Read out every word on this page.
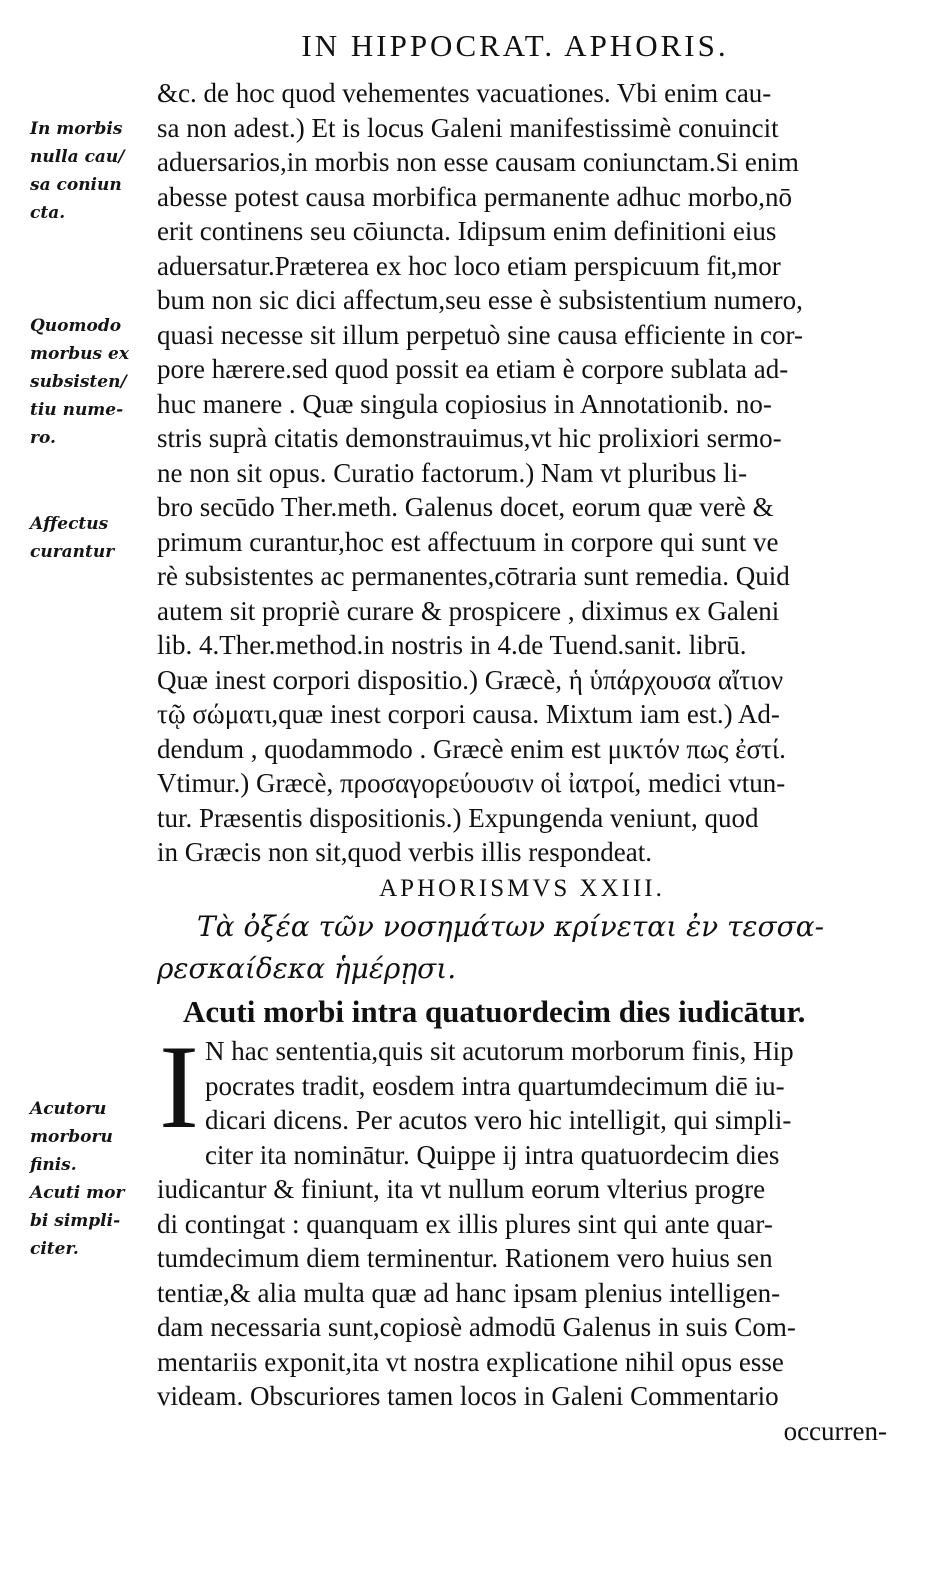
IN HIPPOCRAT. APHORIS.
In morbis
nulla cau/
sa coniun
cta.
Quomodo
morbus ex
subsisten/
tiu nume-
ro.
Affectus
curantur
Acutoru
morboru
finis.
Acuti mor
bi simpli-
citer.

&c. de hoc quod vehementes vacuationes. Vbi enim cau-
sa non adest.) Et is locus Galeni manifestissimè conuincit
aduersarios,in morbis non esse causam coniunctam.Si enim
abesse potest causa morbifica permanente adhuc morbo,nō
erit continens seu cōiuncta. Idipsum enim definitioni eius
aduersatur.Præterea ex hoc loco etiam perspicuum fit,mor
bum non sic dici affectum,seu esse è subsistentium numero,
quasi necesse sit illum perpetuò sine causa efficiente in cor-
pore hærere.sed quod possit ea etiam è corpore sublata ad-
huc manere . Quæ singula copiosius in Annotationib. no-
stris suprà citatis demonstrauimus,vt hic prolixiori sermo-
ne non sit opus. Curatio factorum.) Nam vt pluribus li-
bro secūdo Ther.meth. Galenus docet, eorum quæ verè &
primum curantur,hoc est affectuum in corpore qui sunt ve
rè subsistentes ac permanentes,cōtraria sunt remedia. Quid
autem sit propriè curare & prospicere , diximus ex Galeni
lib. 4.Ther.method.in nostris in 4.de Tuend.sanit. librū.
Quæ inest corpori dispositio.) Græcè, ἡ ὑπάρχουσα αἴτιον
τῷ σώματι,quæ inest corpori causa. Mixtum iam est.) Ad-
dendum , quodammodo . Græcè enim est μικτόν πως ἐστί.
Vtimur.) Græcè, προσαγορεύουσιν οἱ ἰατροί, medici vtun-
tur. Præsentis dispositionis.) Expungenda veniunt, quod
in Græcis non sit,quod verbis illis respondeat.

APHORISMVS XXIII.
Τὰ ὀξέα τῶν νοσημάτων κρίνεται ἐν τεσσα-
ρεσκαίδεκα ἡμέρῃσι.
Acuti morbi intra quatuordecim dies iudicātur.
I N hac sententia,quis sit acutorum morborum finis, Hip
pocrates tradit, eosdem intra quartumdecimum diē iu-
dicari dicens. Per acutos vero hic intelligit, qui simpli-
citer ita nominātur. Quippe ij intra quatuordecim dies
iudicantur & finiunt, ita vt nullum eorum vlterius progre
di contingat : quanquam ex illis plures sint qui ante quar-
tumdecimum diem terminentur. Rationem vero huius sen
tentiæ,& alia multa quæ ad hanc ipsam plenius intelligen-
dam necessaria sunt,copiosè admodū Galenus in suis Com-
mentariis exponit,ita vt nostra explicatione nihil opus esse
videam. Obscuriores tamen locos in Galeni Commentario
occurren-
